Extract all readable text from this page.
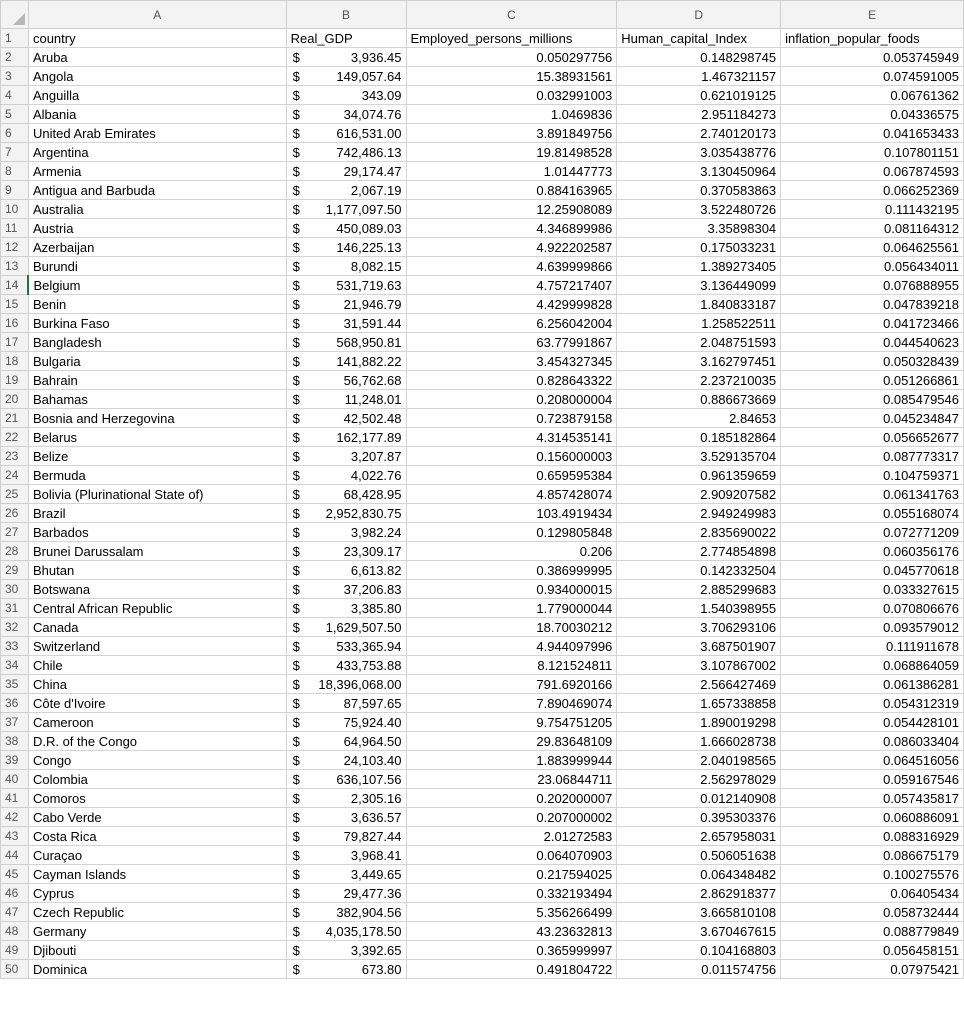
	A	B	C	D	E
1	country	Real_GDP	Employed_persons_millions	Human_capital_Index	inflation_popular_foods
2	Aruba	$ 3,936.45	0.050297756	0.148298745	0.053745949
3	Angola	$ 149,057.64	15.38931561	1.467321157	0.074591005
4	Anguilla	$ 343.09	0.032991003	0.621019125	0.06761362
5	Albania	$ 34,074.76	1.0469836	2.951184273	0.04336575
6	United Arab Emirates	$ 616,531.00	3.891849756	2.740120173	0.041653433
7	Argentina	$ 742,486.13	19.81498528	3.035438776	0.107801151
8	Armenia	$ 29,174.47	1.01447773	3.130450964	0.067874593
9	Antigua and Barbuda	$ 2,067.19	0.884163965	0.370583863	0.066252369
10	Australia	$ 1,177,097.50	12.25908089	3.522480726	0.111432195
11	Austria	$ 450,089.03	4.346899986	3.35898304	0.081164312
12	Azerbaijan	$ 146,225.13	4.922202587	0.175033231	0.064625561
13	Burundi	$ 8,082.15	4.639999866	1.389273405	0.056434011
14	Belgium	$ 531,719.63	4.757217407	3.136449099	0.076888955
15	Benin	$ 21,946.79	4.429999828	1.840833187	0.047839218
16	Burkina Faso	$ 31,591.44	6.256042004	1.258522511	0.041723466
17	Bangladesh	$ 568,950.81	63.77991867	2.048751593	0.044540623
18	Bulgaria	$ 141,882.22	3.454327345	3.162797451	0.050328439
19	Bahrain	$ 56,762.68	0.828643322	2.237210035	0.051266861
20	Bahamas	$ 11,248.01	0.208000004	0.886673669	0.085479546
21	Bosnia and Herzegovina	$ 42,502.48	0.723879158	2.84653	0.045234847
22	Belarus	$ 162,177.89	4.314535141	0.185182864	0.056652677
23	Belize	$ 3,207.87	0.156000003	3.529135704	0.087773317
24	Bermuda	$ 4,022.76	0.659595384	0.961359659	0.104759371
25	Bolivia (Plurinational State of)	$ 68,428.95	4.857428074	2.909207582	0.061341763
26	Brazil	$ 2,952,830.75	103.4919434	2.949249983	0.055168074
27	Barbados	$ 3,982.24	0.129805848	2.835690022	0.072771209
28	Brunei Darussalam	$ 23,309.17	0.206	2.774854898	0.060356176
29	Bhutan	$ 6,613.82	0.386999995	0.142332504	0.045770618
30	Botswana	$ 37,206.83	0.934000015	2.885299683	0.033327615
31	Central African Republic	$ 3,385.80	1.779000044	1.540398955	0.070806676
32	Canada	$ 1,629,507.50	18.70030212	3.706293106	0.093579012
33	Switzerland	$ 533,365.94	4.944097996	3.687501907	0.111911678
34	Chile	$ 433,753.88	8.121524811	3.107867002	0.068864059
35	China	$ 18,396,068.00	791.6920166	2.566427469	0.061386281
36	Côte d'Ivoire	$ 87,597.65	7.890469074	1.657338858	0.054312319
37	Cameroon	$ 75,924.40	9.754751205	1.890019298	0.054428101
38	D.R. of the Congo	$ 64,964.50	29.83648109	1.666028738	0.086033404
39	Congo	$ 24,103.40	1.883999944	2.040198565	0.064516056
40	Colombia	$ 636,107.56	23.06844711	2.562978029	0.059167546
41	Comoros	$ 2,305.16	0.202000007	0.012140908	0.057435817
42	Cabo Verde	$ 3,636.57	0.207000002	0.395303376	0.060886091
43	Costa Rica	$ 79,827.44	2.01272583	2.657958031	0.088316929
44	Curaçao	$ 3,968.41	0.064070903	0.506051638	0.086675179
45	Cayman Islands	$ 3,449.65	0.217594025	0.064348482	0.100275576
46	Cyprus	$ 29,477.36	0.332193494	2.862918377	0.06405434
47	Czech Republic	$ 382,904.56	5.356266499	3.665810108	0.058732444
48	Germany	$ 4,035,178.50	43.23632813	3.670467615	0.088779849
49	Djibouti	$ 3,392.65	0.365999997	0.104168803	0.056458151
50	Dominica	$ 673.80	0.491804722	0.011574756	0.07975421
